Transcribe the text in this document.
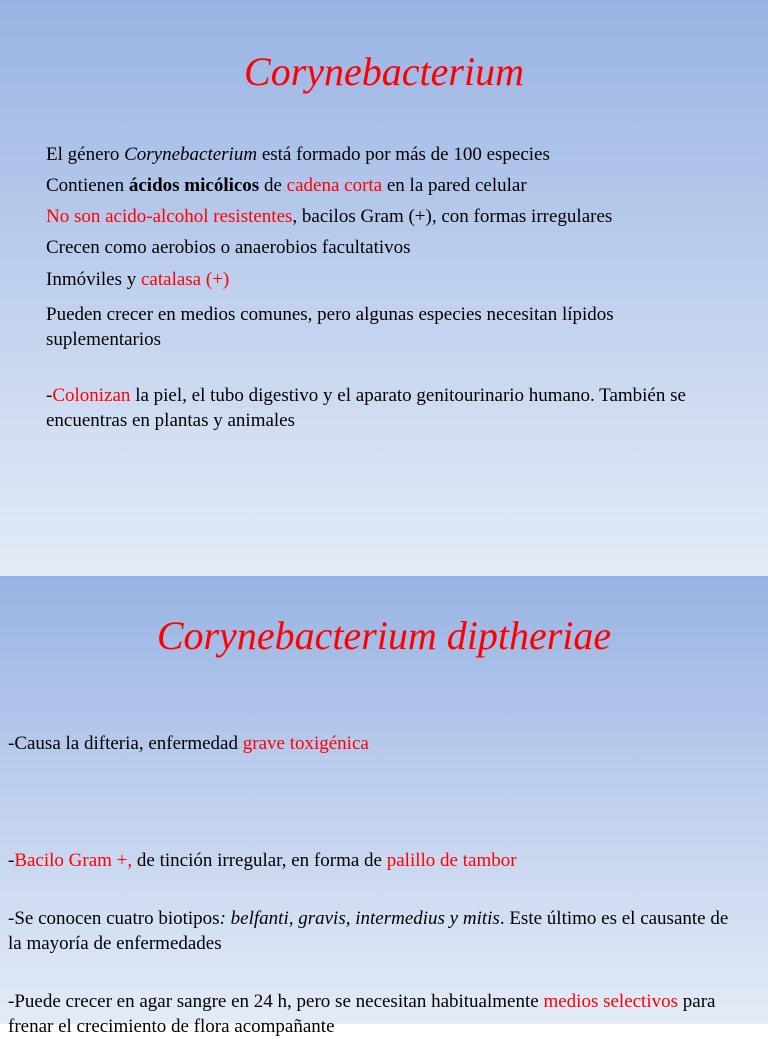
Corynebacterium

El género Corynebacterium está formado por más de 100 especies

Contienen ácidos micólicos de cadena corta en la pared celular

No son acido-alcohol resistentes, bacilos Gram (+), con formas irregulares

Crecen como aerobios o anaerobios facultativos

Inmóviles y catalasa (+)

Pueden crecer en medios comunes, pero algunas especies necesitan lípidos suplementarios

-Colonizan la piel, el tubo digestivo y el aparato genitourinario humano. También se encuentras en plantas y animales

Corynebacterium diptheriae

-Causa la difteria, enfermedad grave toxigénica

-Bacilo Gram +, de tinción irregular, en forma de palillo de tambor

-Se conocen cuatro biotipos: belfanti, gravis, intermedius y mitis. Este último es el causante de la mayoría de enfermedades

-Puede crecer en agar sangre en 24 h, pero se necesitan habitualmente medios selectivos para frenar el crecimiento de flora acompañante
